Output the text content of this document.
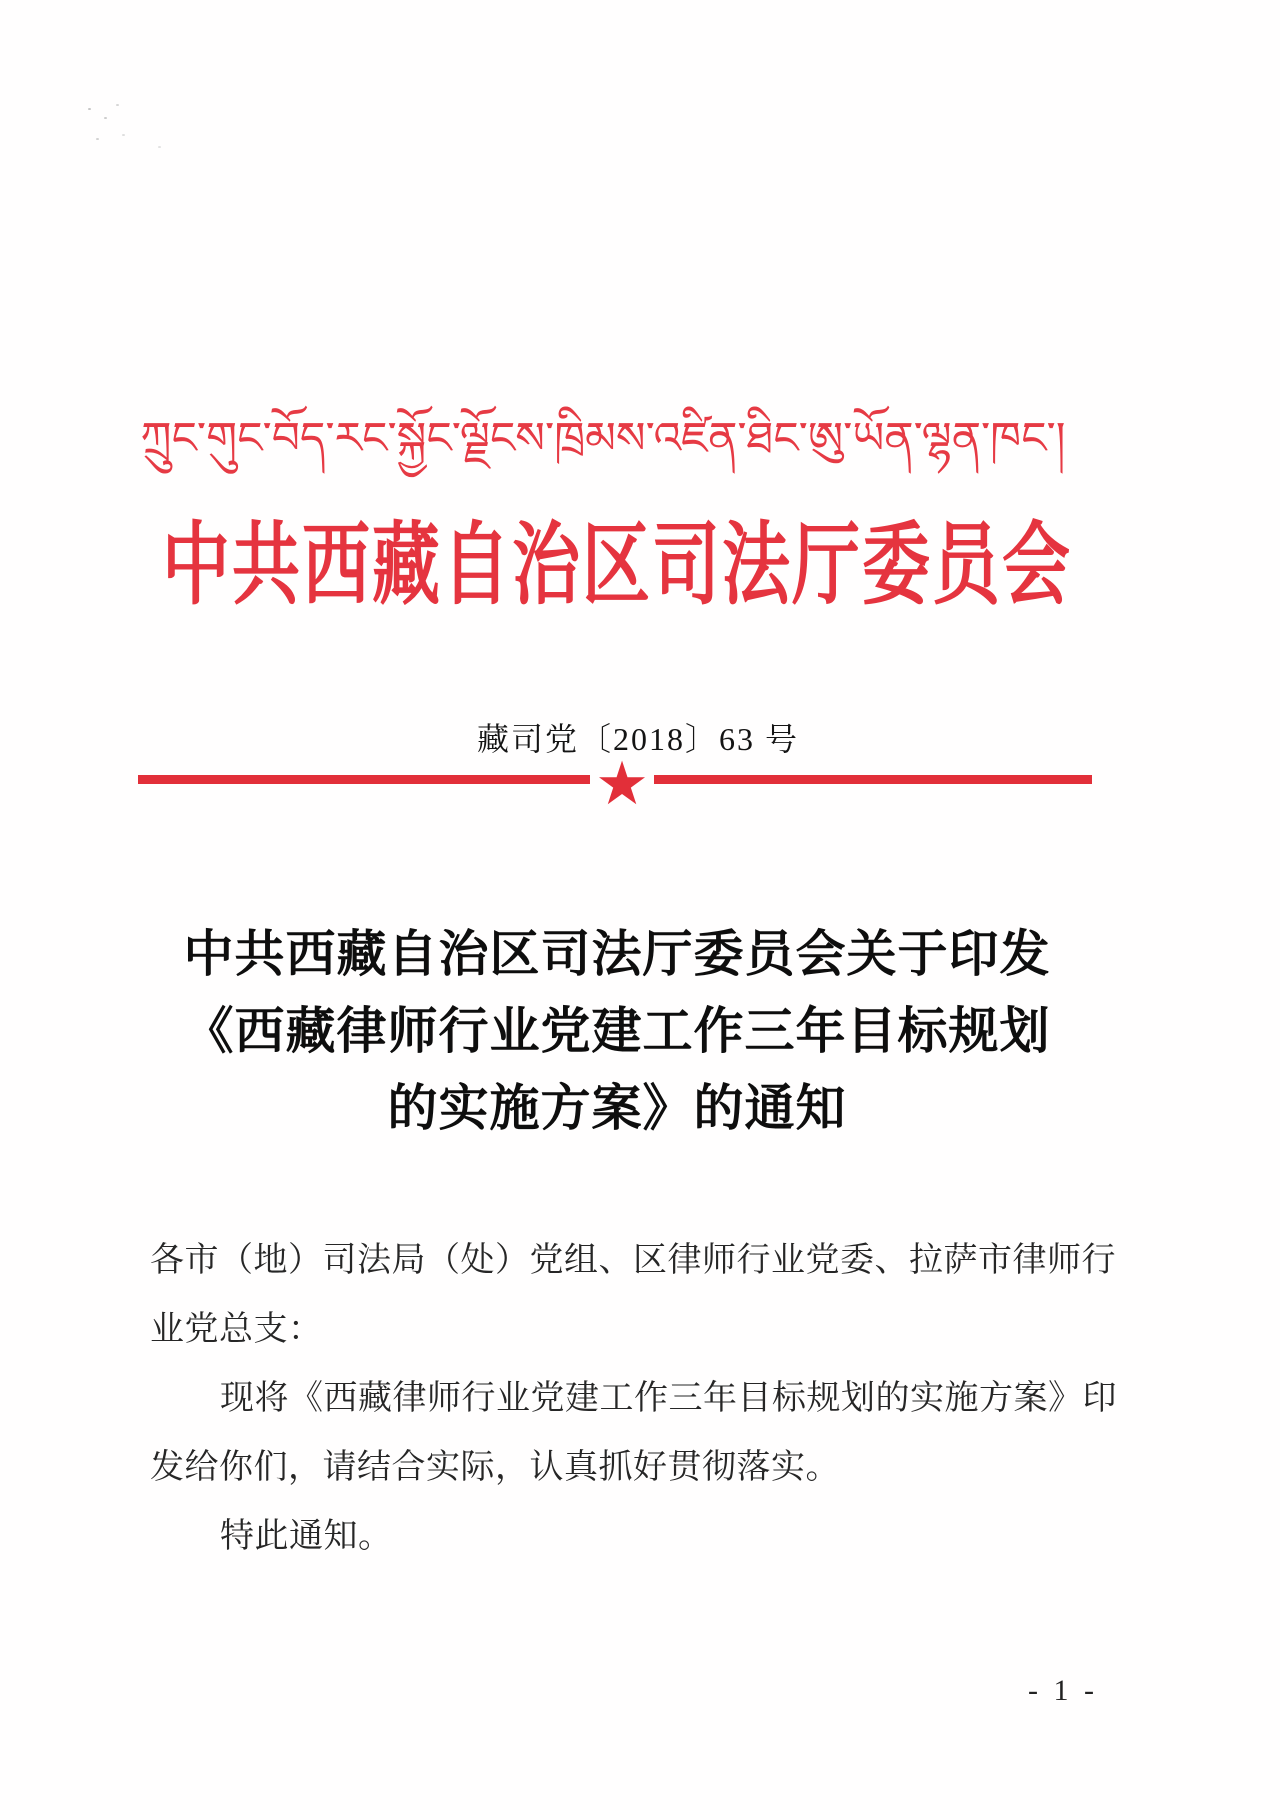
ཀྲུང་གུང་བོད་རང་སྐྱོང་ལྗོངས་ཁྲིམས་འཛིན་ཐིང་ཨུ་ཡོན་ལྷན་ཁང་།
中共西藏自治区司法厅委员会
藏司党〔2018〕63 号
★
中共西藏自治区司法厅委员会关于印发
《西藏律师行业党建工作三年目标规划
的实施方案》的通知
各市（地）司法局（处）党组、区律师行业党委、拉萨市律师行
业党总支：
现将《西藏律师行业党建工作三年目标规划的实施方案》印
发给你们，请结合实际，认真抓好贯彻落实。
特此通知。
- 1 -
